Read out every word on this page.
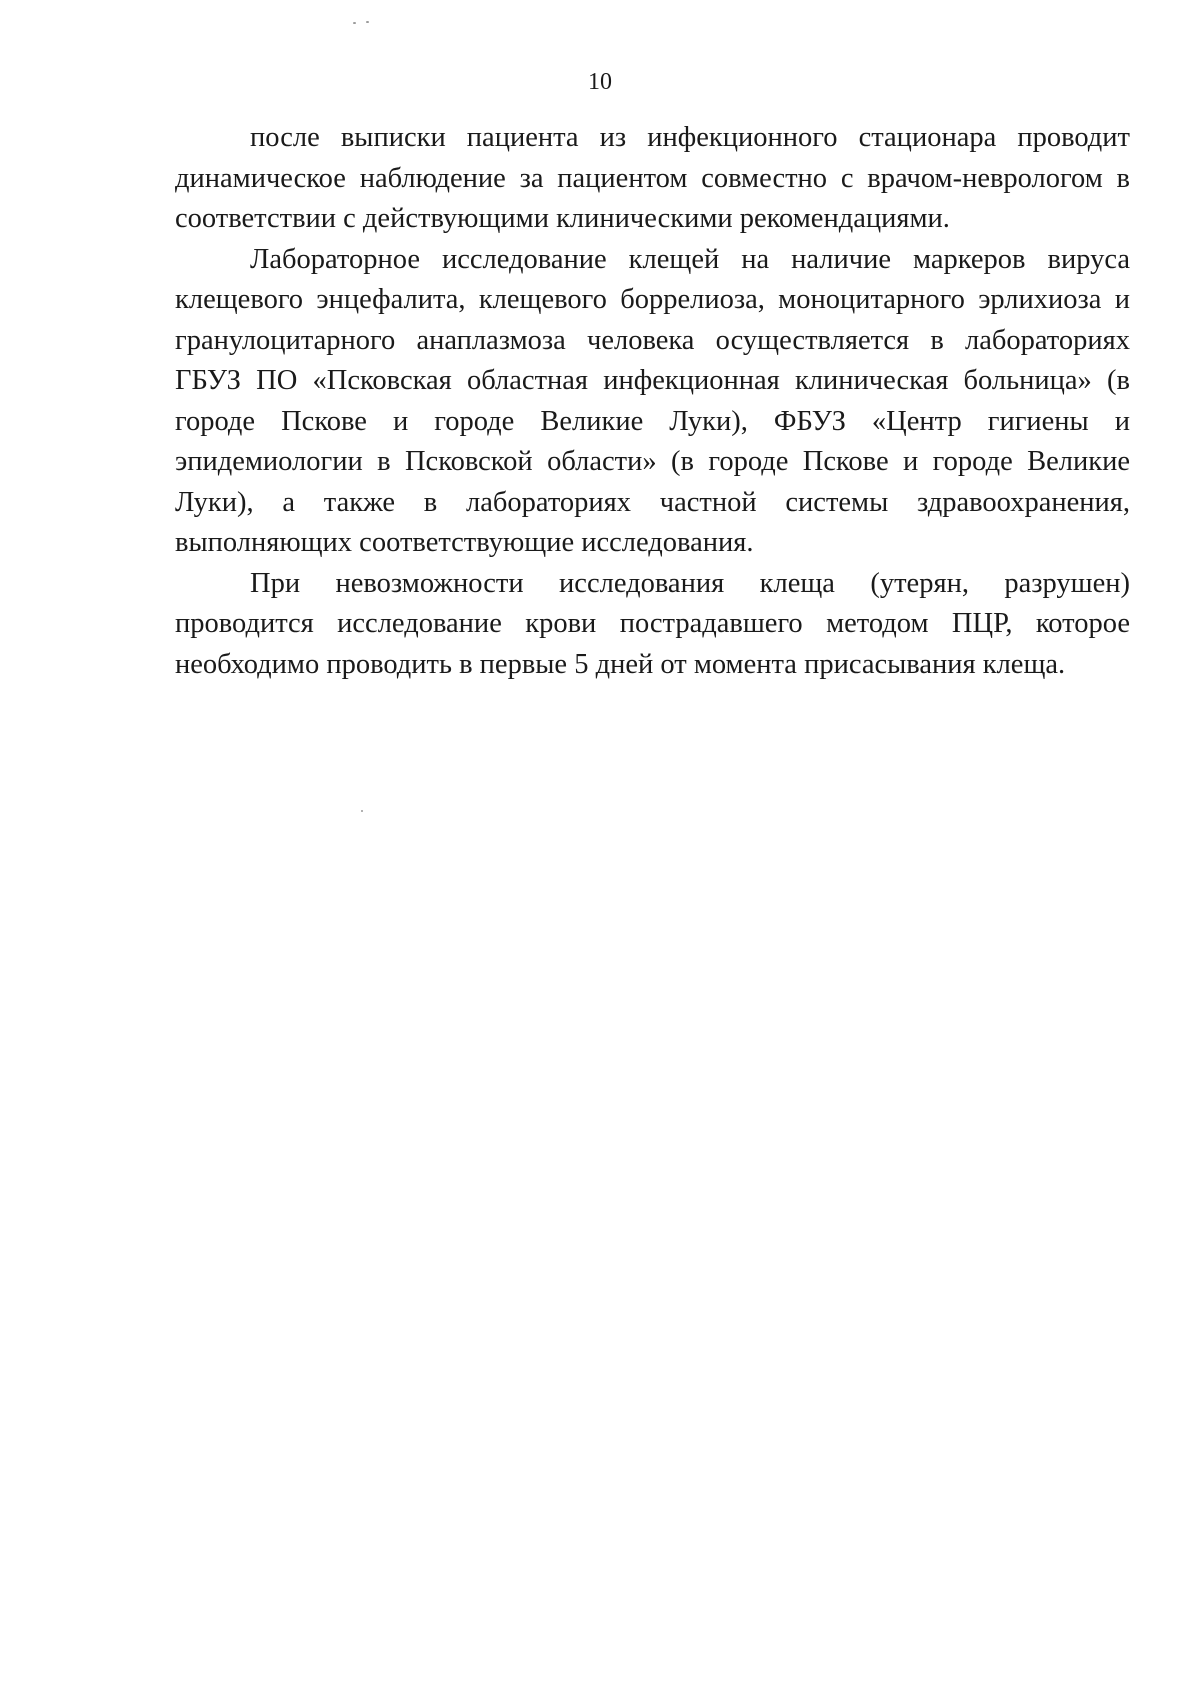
10

после выписки пациента из инфекционного стационара проводит динамическое наблюдение за пациентом совместно с врачом-неврологом в соответствии с действующими клиническими рекомендациями.

Лабораторное исследование клещей на наличие маркеров вируса клещевого энцефалита, клещевого боррелиоза, моноцитарного эрлихиоза и гранулоцитарного анаплазмоза человека осуществляется в лабораториях ГБУЗ ПО «Псковская областная инфекционная клиническая больница» (в городе Пскове и городе Великие Луки), ФБУЗ «Центр гигиены и эпидемиологии в Псковской области» (в городе Пскове и городе Великие Луки), а также в лабораториях частной системы здравоохранения, выполняющих соответствующие исследования.

При невозможности исследования клеща (утерян, разрушен) проводится исследование крови пострадавшего методом ПЦР, которое необходимо проводить в первые 5 дней от момента присасывания клеща.
